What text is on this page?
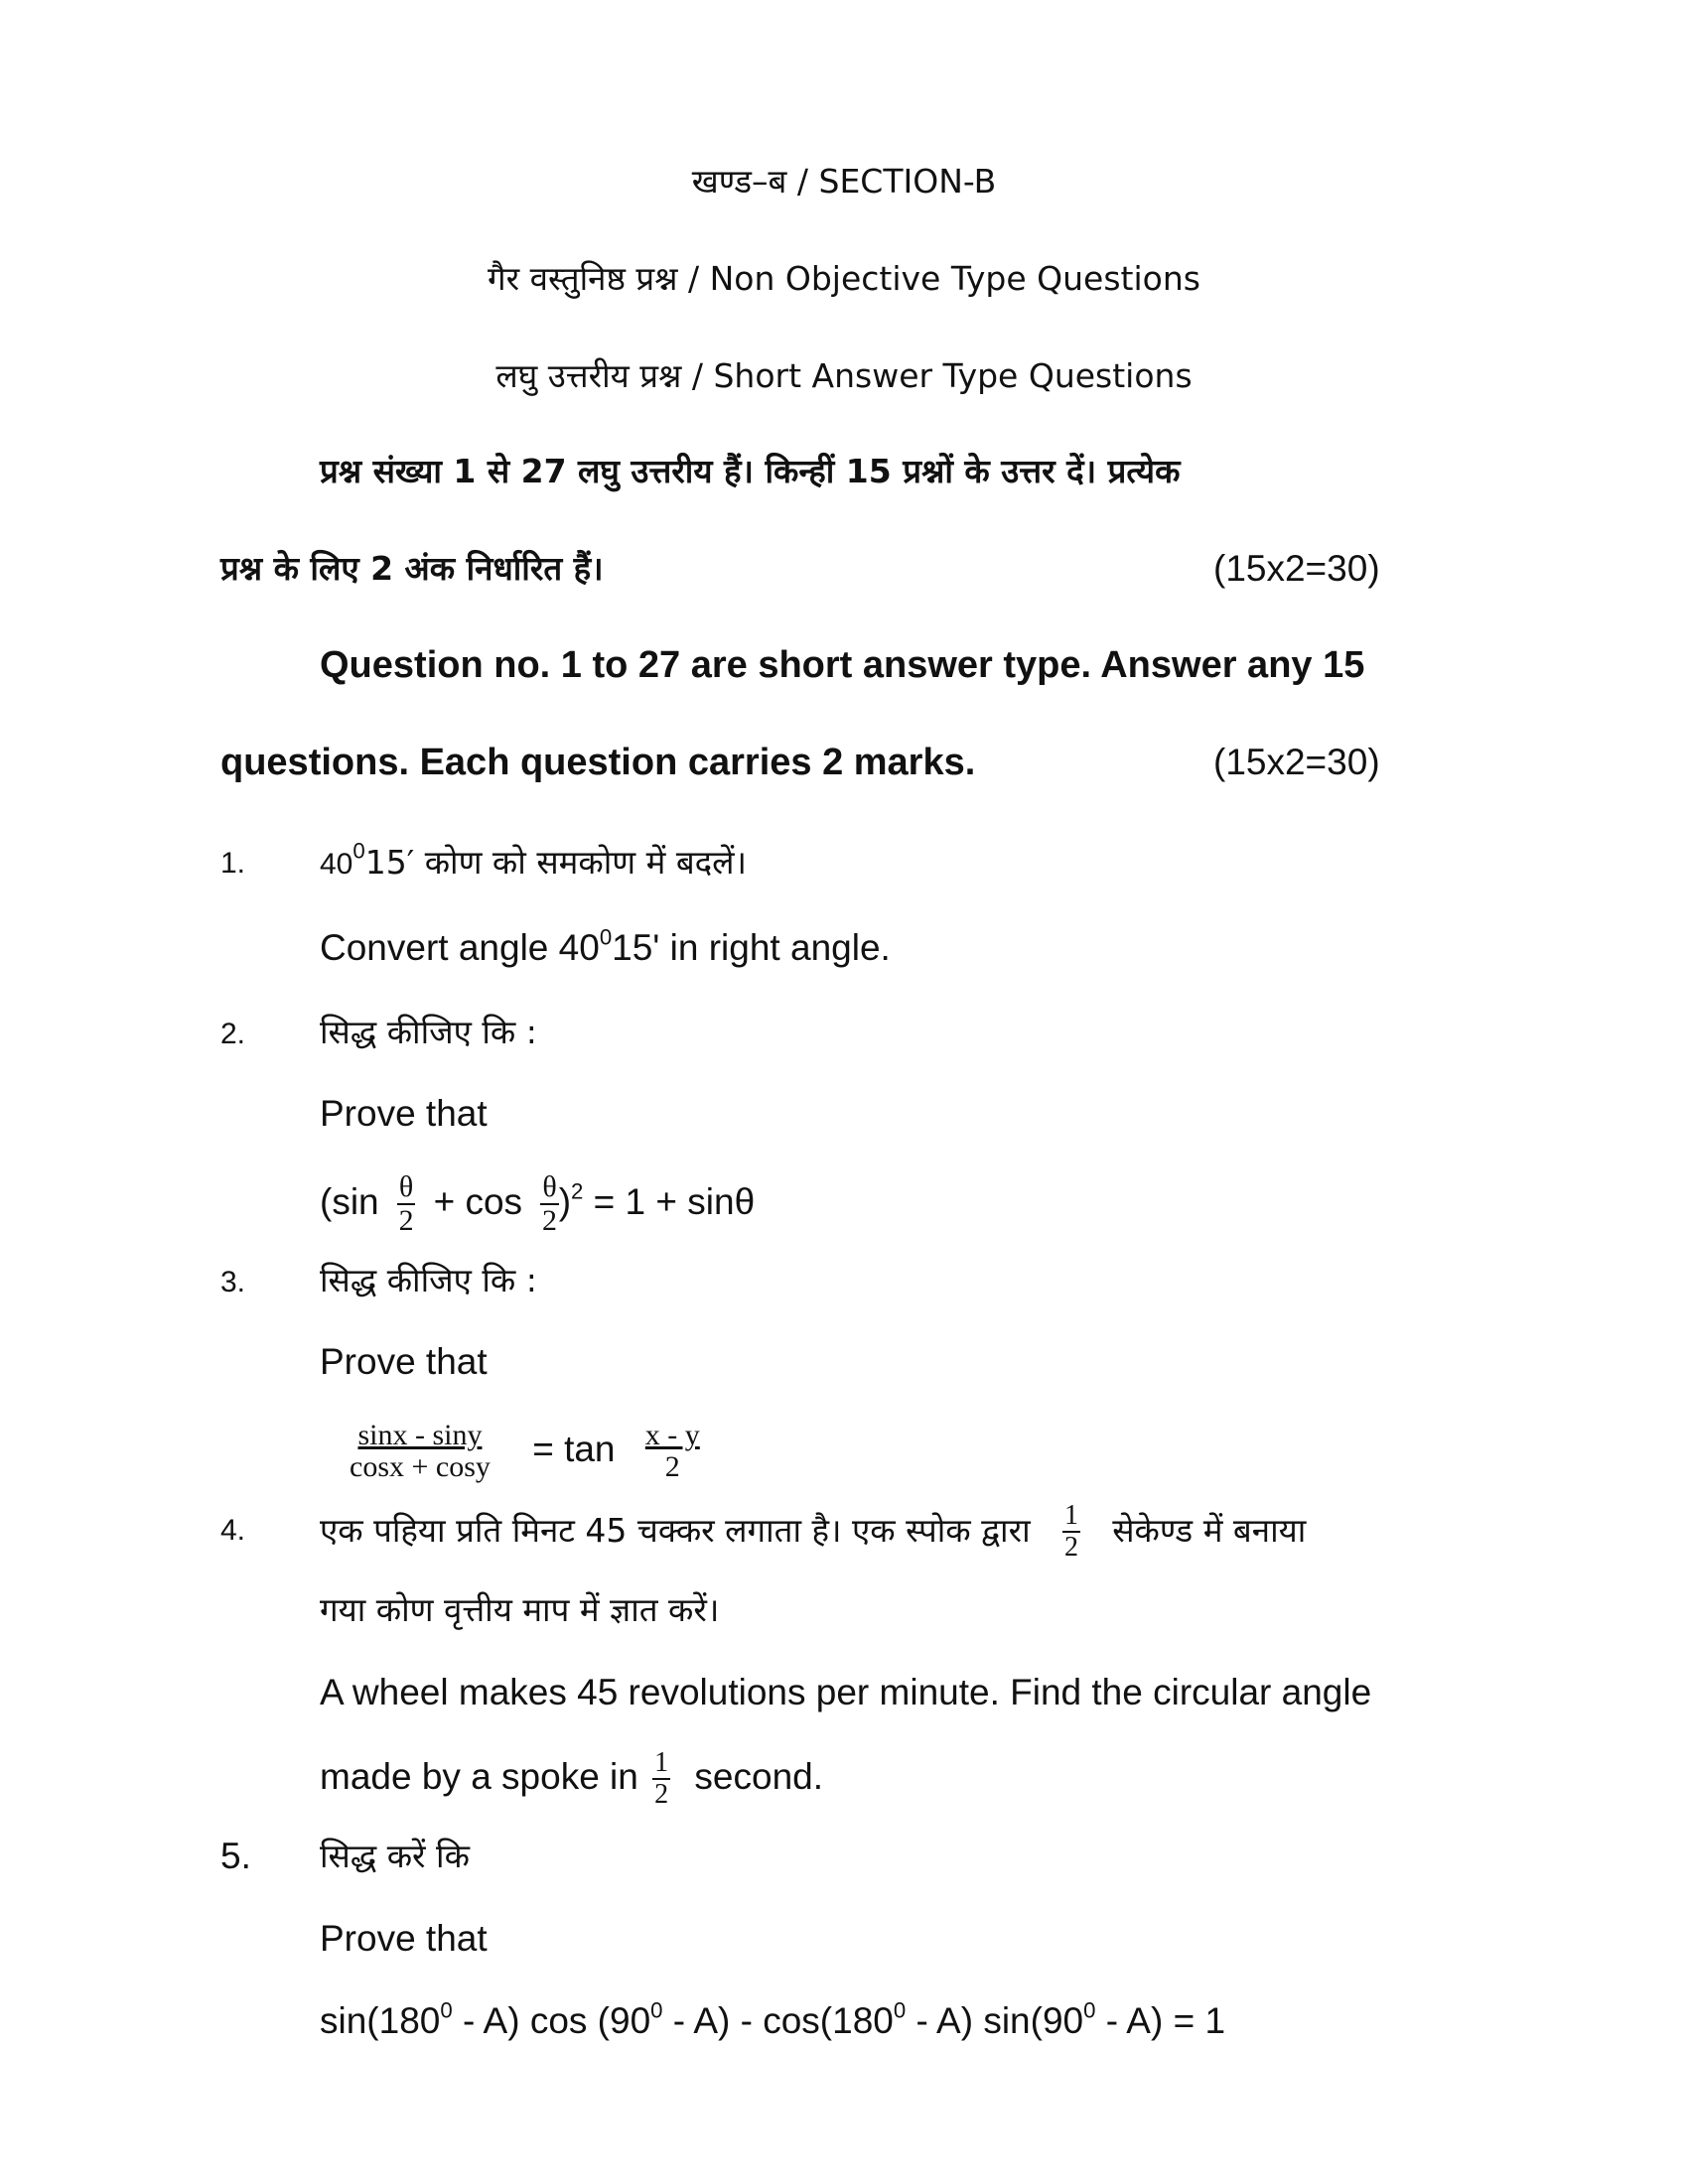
खण्ड–ब / SECTION-B
गैर वस्तुनिष्ठ प्रश्न / Non Objective Type Questions
लघु उत्तरीय प्रश्न / Short Answer Type Questions
प्रश्न संख्या 1 से 27 लघु उत्तरीय हैं। किन्हीं 15 प्रश्नों के उत्तर दें। प्रत्येक
प्रश्न के लिए 2 अंक निर्धारित हैं।	(15x2=30)
Question no. 1 to 27 are short answer type. Answer any 15
questions. Each question carries 2 marks.	(15x2=30)
1. $40^015'$ कोण को समकोण में बदलें।
Convert angle $40^015'$ in right angle.
2. सिद्ध कीजिए कि :
Prove that
$(\sin \frac{\theta}{2} + \cos \frac{\theta}{2} )^2 = 1 + \sin\theta$
3. सिद्ध कीजिए कि :
Prove that
$\frac{\sin x - \sin y}{\cos x + \cos y} = \tan \frac{x - y}{2}$
4. एक पहिया प्रति मिनट 45 चक्कर लगाता है। एक स्पोक द्वारा $\frac{1}{2}$ सेकेण्ड में बनाया
गया कोण वृत्तीय माप में ज्ञात करें।
A wheel makes 45 revolutions per minute. Find the circular angle
made by a spoke in $\frac{1}{2}$ second.
5. सिद्ध करें कि
Prove that
$\sin(180^0 - A)$ $\cos (90^0 - A) - \cos(180^0 - A)$ $\sin(90^0 - A) = 1$
